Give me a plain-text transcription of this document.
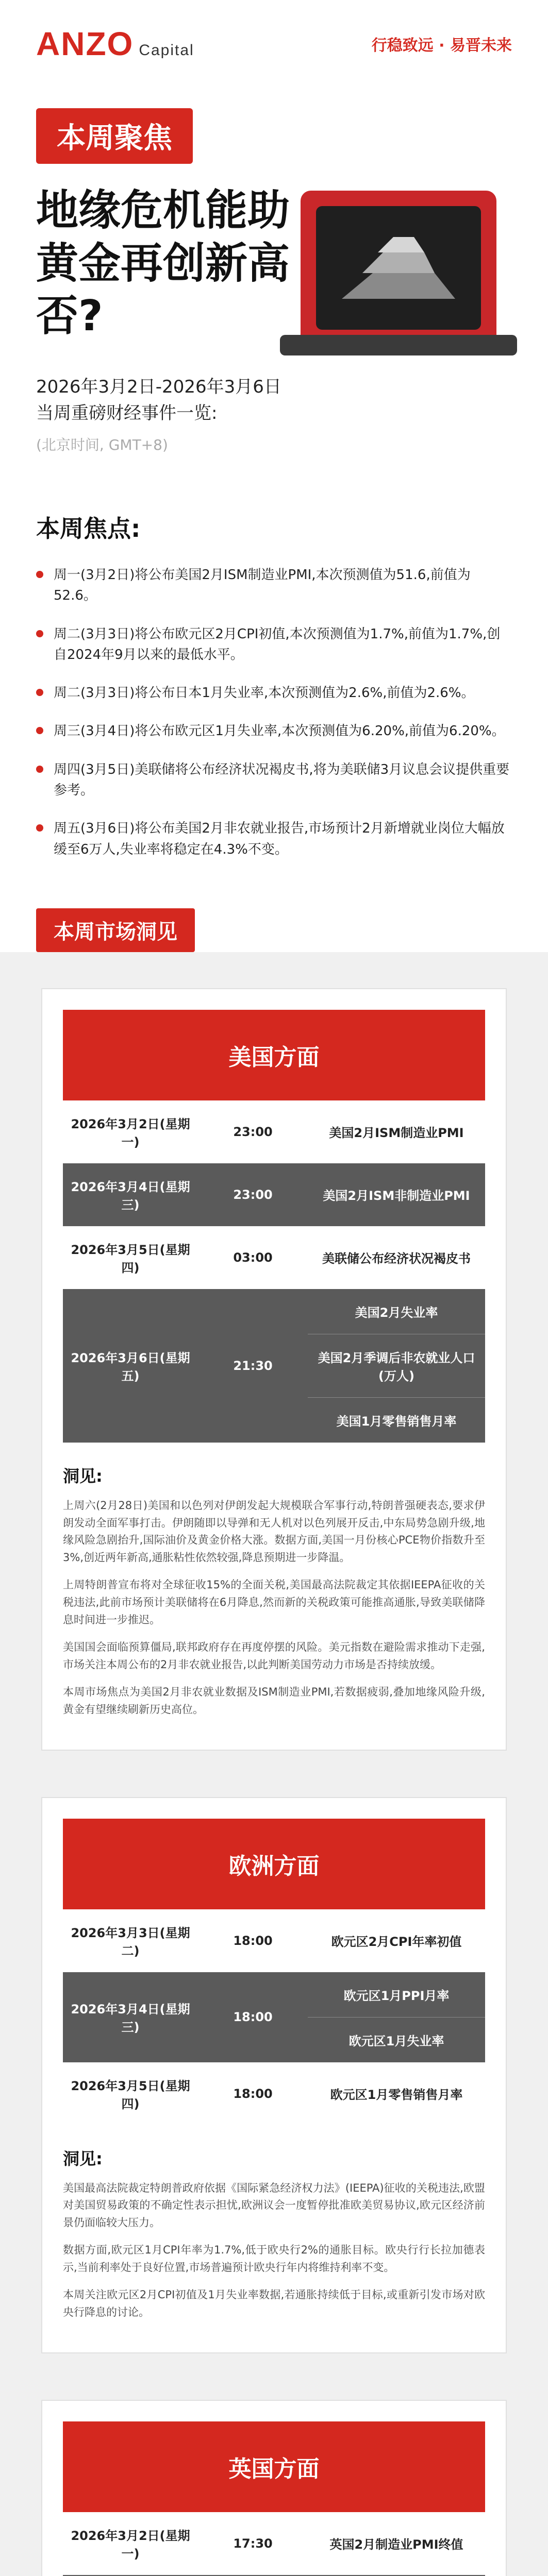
ANZO Capital	行稳致远 · 易晋未来
本周聚焦
地缘危机能助黄金再创新高否?
2026年3月2日-2026年3月6日
当周重磅财经事件一览:
(北京时间, GMT+8)
本周焦点:
周一(3月2日)将公布美国2月ISM制造业PMI,本次预测值为51.6,前值为52.6。
周二(3月3日)将公布欧元区2月CPI初值,本次预测值为1.7%,前值为1.7%,创自2024年9月以来的最低水平。
周二(3月3日)将公布日本1月失业率,本次预测值为2.6%,前值为2.6%。
周三(3月4日)将公布欧元区1月失业率,本次预测值为6.20%,前值为6.20%。
周四(3月5日)美联储将公布经济状况褐皮书,将为美联储3月议息会议提供重要参考。
周五(3月6日)将公布美国2月非农就业报告,市场预计2月新增就业岗位大幅放缓至6万人,失业率将稳定在4.3%不变。
本周市场洞见
美国方面
2026年3月2日(星期一)	23:00	美国2月ISM制造业PMI
2026年3月4日(星期三)	23:00	美国2月ISM非制造业PMI
2026年3月5日(星期四)	03:00	美联储公布经济状况褐皮书
2026年3月6日(星期五)	21:30	美国2月失业率
美国2月季调后非农就业人口(万人)
美国1月零售销售月率
洞见:

上周六(2月28日)美国和以色列对伊朗发起大规模联合军事行动,特朗普强硬表态,要求伊朗发动全面军事打击。伊朗随即以导弹和无人机对以色列展开反击,中东局势急剧升级,地缘风险急剧抬升,国际油价及黄金价格大涨。数据方面,美国一月份核心PCE物价指数升至3%,创近两年新高,通胀粘性依然较强,降息预期进一步降温。

上周特朗普宣布将对全球征收15%的全面关税,美国最高法院裁定其依据IEEPA征收的关税违法,此前市场预计美联储将在6月降息,然而新的关税政策可能推高通胀,导致美联储降息时间进一步推迟。

美国国会面临预算僵局,联邦政府存在再度停摆的风险。美元指数在避险需求推动下走强,市场关注本周公布的2月非农就业报告,以此判断美国劳动力市场是否持续放缓。

本周市场焦点为美国2月非农就业数据及ISM制造业PMI,若数据疲弱,叠加地缘风险升级,黄金有望继续刷新历史高位。

欧洲方面
2026年3月3日(星期二)	18:00	欧元区2月CPI年率初值
2026年3月4日(星期三)	18:00	欧元区1月PPI月率
欧元区1月失业率

2026年3月5日(星期四)	18:00	欧元区1月零售销售月率
洞见:

美国最高法院裁定特朗普政府依据《国际紧急经济权力法》(IEEPA)征收的关税违法,欧盟对美国贸易政策的不确定性表示担忧,欧洲议会一度暂停批准欧美贸易协议,欧元区经济前景仍面临较大压力。

数据方面,欧元区1月CPI年率为1.7%,低于欧央行2%的通胀目标。欧央行行长拉加德表示,当前利率处于良好位置,市场普遍预计欧央行年内将维持利率不变。

本周关注欧元区2月CPI初值及1月失业率数据,若通胀持续低于目标,或重新引发市场对欧央行降息的讨论。

英国方面
2026年3月2日(星期一)	17:30	英国2月制造业PMI终值
